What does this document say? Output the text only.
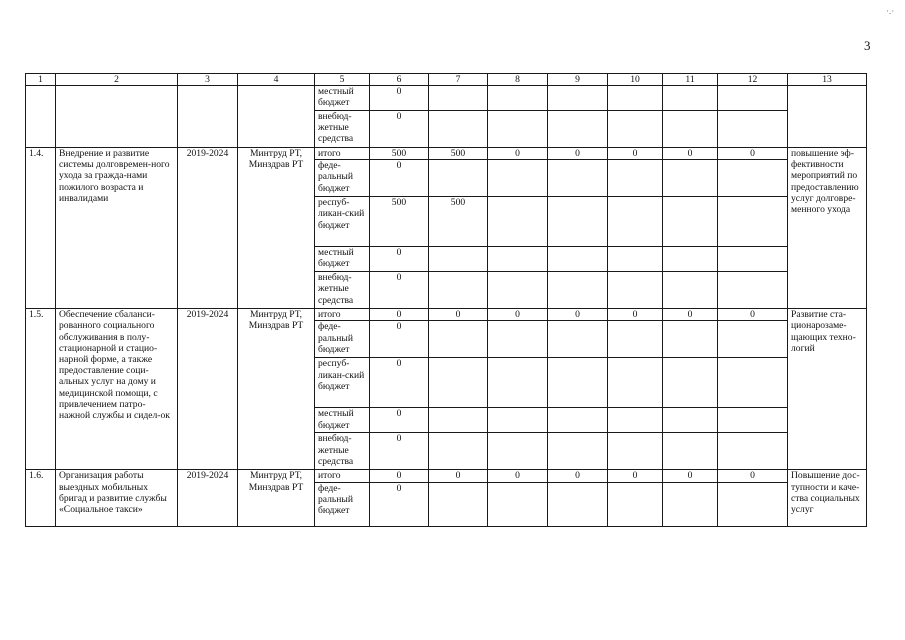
·.·
3
1	2	3	4	5	6	7	8	9	10	11	12	13
				местный бюджет	0							
				внебюд-жетные средства	0							
1.4.	Внедрение и развитие системы долговремен-ного ухода за гражда-нами пожилого возраста и инвалидами	2019-2024	Минтруд РТ, Минздрав РТ	итого	500	500	0	0	0	0	0	повышение эф-фективности мероприятий по предоставлению услуг долговре-менного ухода
				феде-ральный бюджет	0							
				респуб-ликан-ский бюджет	500	500						
				местный бюджет	0							
				внебюд-жетные средства	0							
1.5.	Обеспечение сбаланси-рованного социального обслуживания в полу-стационарной и стацио-нарной форме, а также предоставление соци-альных услуг на дому и медицинской помощи, с привлечением патро-нажной службы и сидел-ок	2019-2024	Минтруд РТ, Минздрав РТ	итого	0	0	0	0	0	0	0	Развитие ста-ционарозаме-щающих техно-логий
				феде-ральный бюджет	0							
				респуб-ликан-ский бюджет	0							
				местный бюджет	0							
				внебюд-жетные средства	0							
1.6.	Организация работы выездных мобильных бригад и развитие службы «Социальное такси»	2019-2024	Минтруд РТ, Минздрав РТ	итого	0	0	0	0	0	0	0	Повышение дос-тупности и каче-ства социальных услуг
				феде-ральный бюджет	0							
